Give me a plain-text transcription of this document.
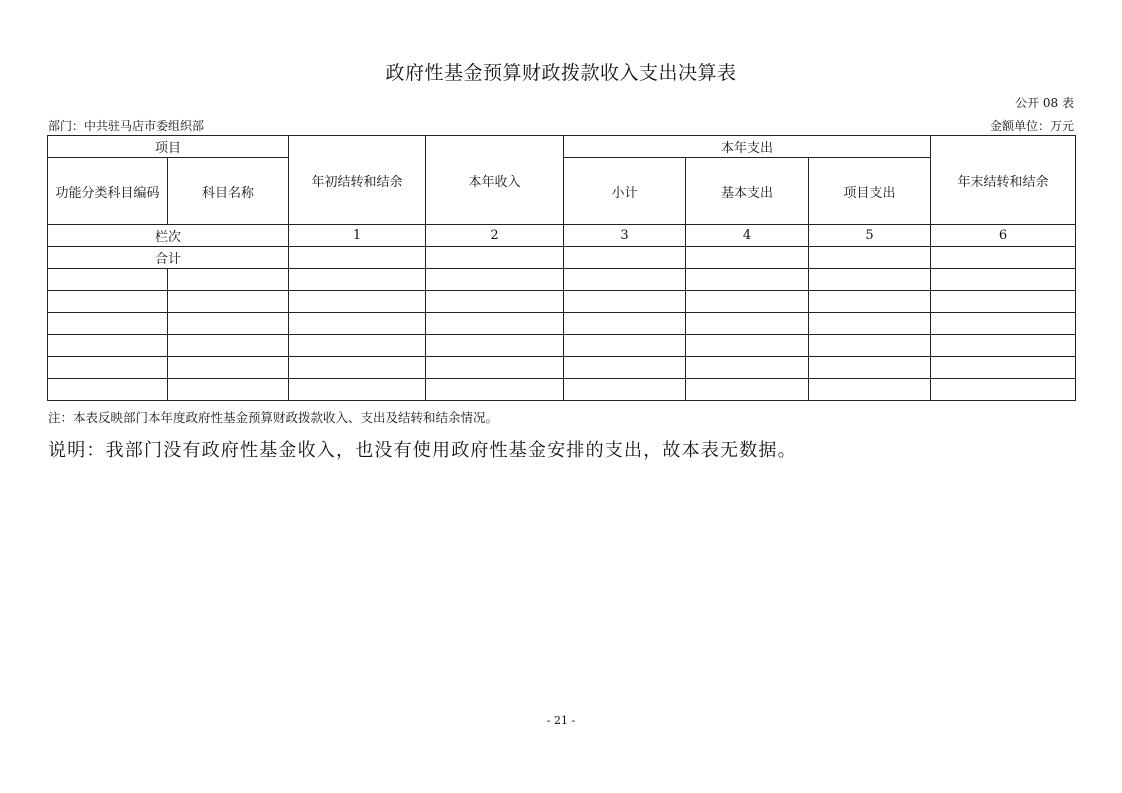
政府性基金预算财政拨款收入支出决算表
公开 08 表
部门：中共驻马店市委组织部	金额单位：万元
项目		年初结转和结余	本年收入	本年支出			年末结转和结余
功能分类科目编码	科目名称			小计	基本支出	项目支出	
栏次		1	2	3	4	5	6
合计							

注：本表反映部门本年度政府性基金预算财政拨款收入、支出及结转和结余情况。
说明：我部门没有政府性基金收入，也没有使用政府性基金安排的支出，故本表无数据。
- 21 -
